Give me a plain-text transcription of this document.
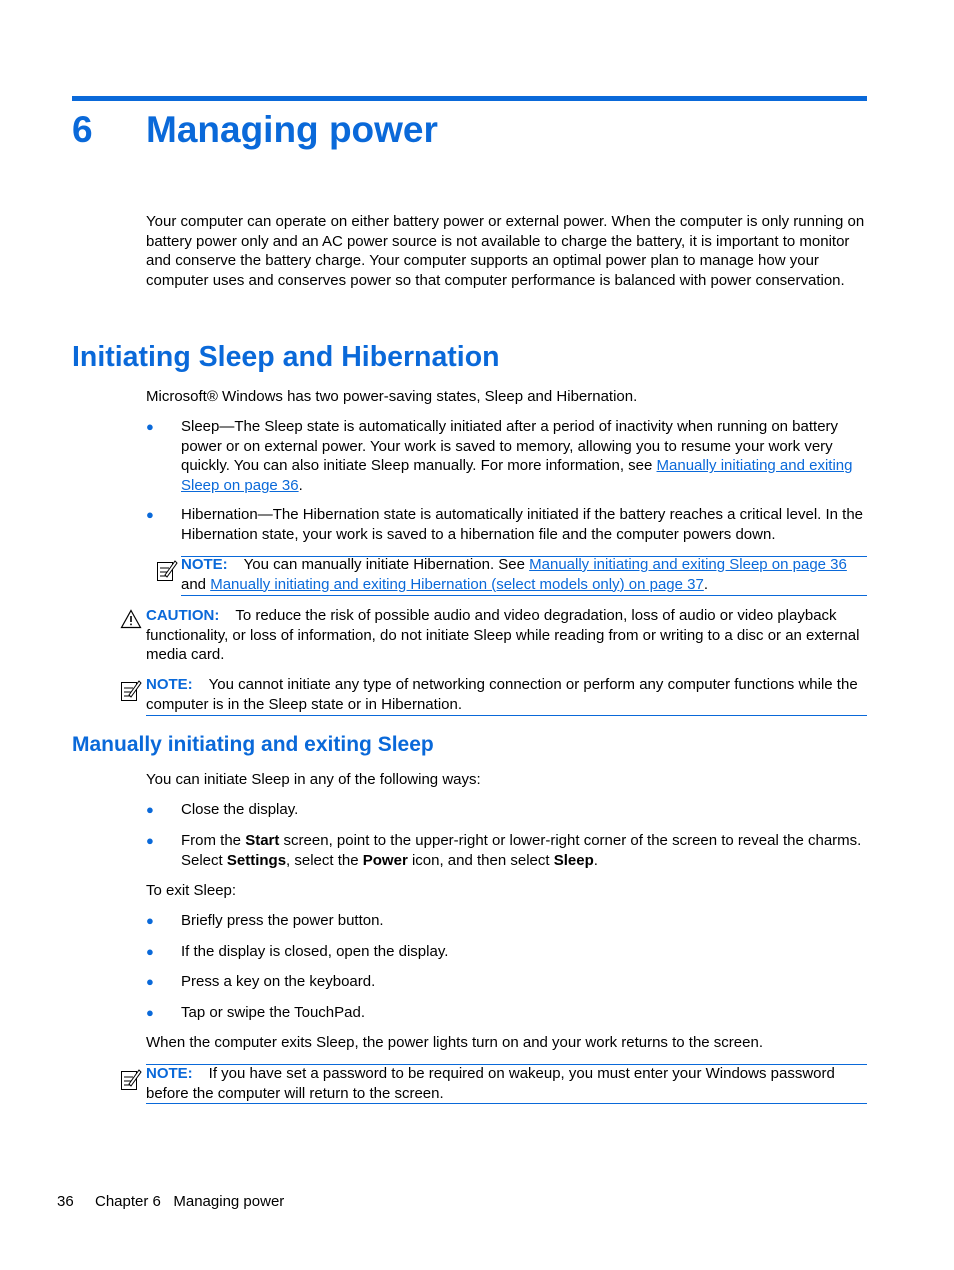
6 Managing power
Your computer can operate on either battery power or external power. When the computer is only running on battery power only and an AC power source is not available to charge the battery, it is important to monitor and conserve the battery charge. Your computer supports an optimal power plan to manage how your computer uses and conserves power so that computer performance is balanced with power conservation.
Initiating Sleep and Hibernation
Microsoft® Windows has two power-saving states, Sleep and Hibernation.
● Sleep—The Sleep state is automatically initiated after a period of inactivity when running on battery power or on external power. Your work is saved to memory, allowing you to resume your work very quickly. You can also initiate Sleep manually. For more information, see Manually initiating and exiting Sleep on page 36.
● Hibernation—The Hibernation state is automatically initiated if the battery reaches a critical level. In the Hibernation state, your work is saved to a hibernation file and the computer powers down.
NOTE: You can manually initiate Hibernation. See Manually initiating and exiting Sleep on page 36 and Manually initiating and exiting Hibernation (select models only) on page 37.
CAUTION: To reduce the risk of possible audio and video degradation, loss of audio or video playback functionality, or loss of information, do not initiate Sleep while reading from or writing to a disc or an external media card.
NOTE: You cannot initiate any type of networking connection or perform any computer functions while the computer is in the Sleep state or in Hibernation.
Manually initiating and exiting Sleep
You can initiate Sleep in any of the following ways:
● Close the display.
● From the Start screen, point to the upper-right or lower-right corner of the screen to reveal the charms. Select Settings, select the Power icon, and then select Sleep.
To exit Sleep:
● Briefly press the power button.
● If the display is closed, open the display.
● Press a key on the keyboard.
● Tap or swipe the TouchPad.
When the computer exits Sleep, the power lights turn on and your work returns to the screen.
NOTE: If you have set a password to be required on wakeup, you must enter your Windows password before the computer will return to the screen.
36 Chapter 6   Managing power
